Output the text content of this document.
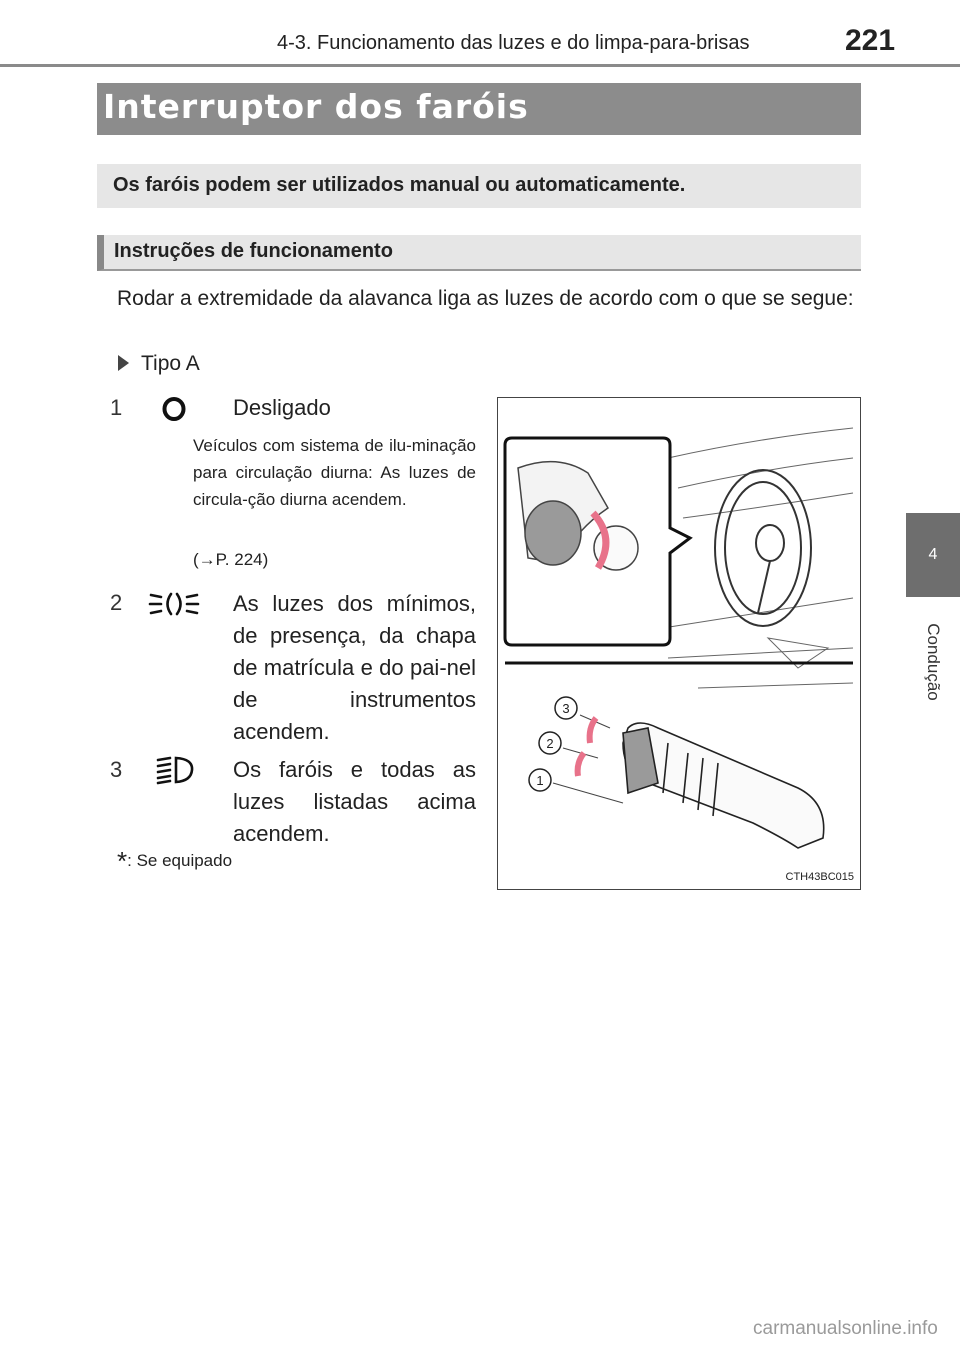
4-3. Funcionamento das luzes e do limpa-para-brisas	221
4
Condução
Interruptor dos faróis

Os faróis podem ser utilizados manual ou automaticamente.

Instruções de funcionamento

Rodar a extremidade da alavanca liga as luzes de acordo com o que se segue:

Tipo A
1	Desligado

Veículos com sistema de ilu-minação para circulação diurna: As luzes de circula-ção diurna acendem.

(→P. 224)
2	As luzes dos mínimos, de presença, da chapa de matrícula e do pai-nel de instrumentos acendem.

3	Os faróis e todas as luzes listadas acima acendem.

*: Se equipado
1
2
3
CTH43BC015
carmanualsonline.info
